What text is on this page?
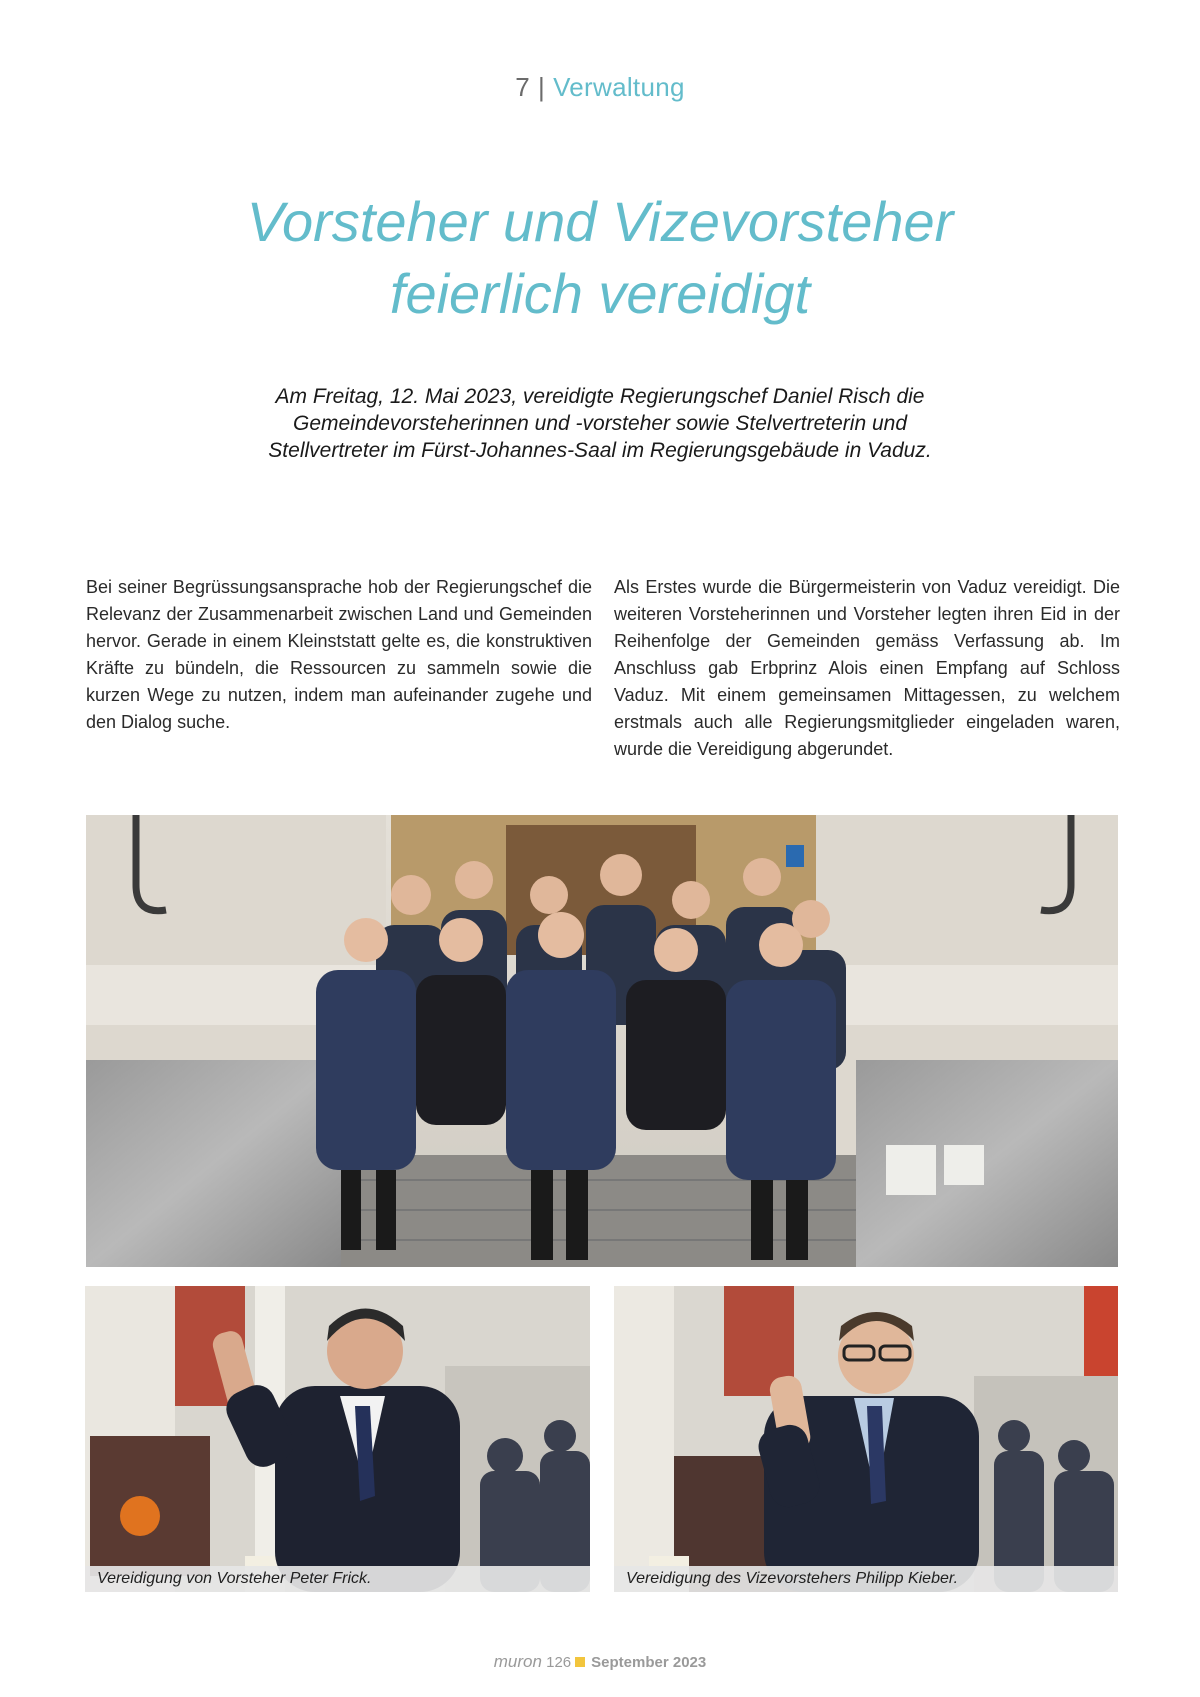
7 | Verwaltung
Vorsteher und Vizevorsteher
feierlich vereidigt
Am Freitag, 12. Mai 2023, vereidigte Regierungschef Daniel Risch die
Gemeindevorsteherinnen und -vorsteher sowie Stelvertreterin und
Stellvertreter im Fürst-Johannes-Saal im Regierungsgebäude in Vaduz.

Bei seiner Begrüssungsansprache hob der Regierungschef die Relevanz der Zusammenarbeit zwischen Land und Gemeinden hervor. Gerade in einem Kleinststatt gelte es, die konstruktiven Kräfte zu bündeln, die Ressourcen zu sammeln sowie die kurzen Wege zu nutzen, indem man aufeinander zugehe und den Dialog suche.

Als Erstes wurde die Bürgermeisterin von Vaduz vereidigt. Die weiteren Vorsteherinnen und Vorsteher legten ihren Eid in der Reihenfolge der Gemeinden gemäss Verfassung ab. Im Anschluss gab Erbprinz Alois einen Empfang auf Schloss Vaduz. Mit einem gemeinsamen Mittagessen, zu welchem erstmals auch alle Regierungsmitglieder eingeladen waren, wurde die Vereidigung abgerundet.

Vereidigung von Vorsteher Peter Frick.	Vereidigung des Vizevorstehers Philipp Kieber.
muron 126 September 2023
